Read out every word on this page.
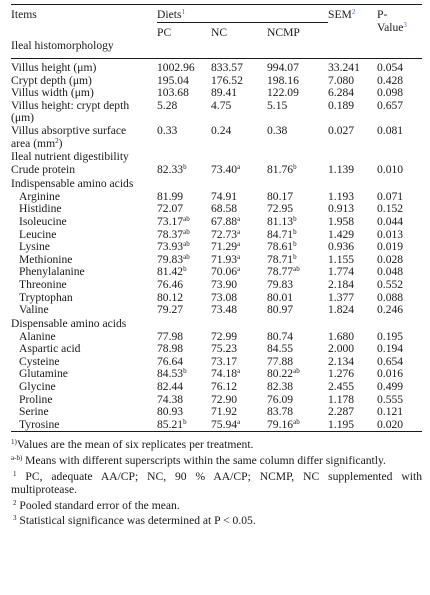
Items	Diets$^1$			SEM$^2$	P-
	PC	NC	NCMP		Value$^3$
Ileal histomorphology					

Villus height (μm)	1002.96	833.57	994.07	33.241	0.054
Crypt depth (μm)	195.04	176.52	198.16	7.080	0.428
Villus width (μm)	103.68	89.41	122.09	6.284	0.098
Villus height: crypt depth
(μm)	5.28	4.75	5.15	0.189	0.657
Villus absorptive surface
area $(mm^2)$	0.33	0.24	0.38	0.027	0.081
Ileal nutrient digestibility					
Crude protein	82.33$^b$	73.40$^a$	81.76$^b$	1.139	0.010
Indispensable amino acids					
Arginine	81.99	74.91	80.17	1.193	0.071
Histidine	72.07	68.58	72.95	0.913	0.152
Isoleucine	73.17$^{ab}$	67.88$^a$	81.13$^b$	1.958	0.044
Leucine	78.37$^{ab}$	72.73$^a$	84.71$^b$	1.429	0.013
Lysine	73.93$^{ab}$	71.29$^a$	78.61$^b$	0.936	0.019
Methionine	79.83$^{ab}$	71.93$^a$	78.71$^b$	1.155	0.028
Phenylalanine	81.42$^b$	70.06$^a$	78.77$^{ab}$	1.774	0.048
Threonine	76.46	73.90	79.83	2.184	0.552
Tryptophan	80.12	73.08	80.01	1.377	0.088
Valine	79.27	73.48	80.97	1.824	0.246
Dispensable amino acids					
Alanine	77.98	72.99	80.74	1.680	0.195
Aspartic acid	78.98	75.23	84.55	2.000	0.194
Cysteine	76.64	73.17	77.88	2.134	0.654
Glutamine	84.53$^b$	74.18$^a$	80.22$^{ab}$	1.276	0.016
Glycine	82.44	76.12	82.38	2.455	0.499
Proline	74.38	72.90	76.09	1.178	0.555
Serine	80.93	71.92	83.78	2.287	0.121
Tyrosine	85.21$^b$	75.94$^a$	79.16$^{ab}$	1.195	0.020

$^{1)}$Values are the mean of six replicates per treatment.

$^{a-b)}$ Means with different superscripts within the same column differ significantly.

$^1$ PC, adequate AA/CP; NC, 90 % AA/CP; NCMP, NC supplemented with multiprotease.

$^2$ Pooled standard error of the mean.

$^3$ Statistical significance was determined at P < 0.05.
